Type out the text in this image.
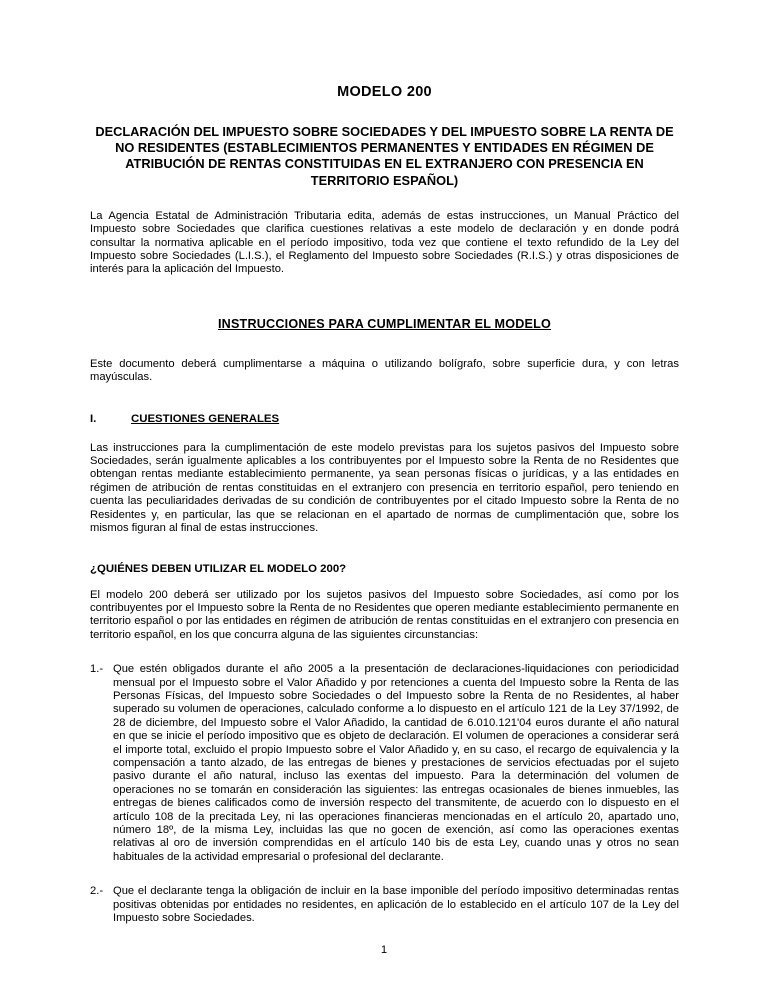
MODELO 200
DECLARACIÓN DEL IMPUESTO SOBRE SOCIEDADES Y DEL IMPUESTO SOBRE LA RENTA DE NO RESIDENTES (ESTABLECIMIENTOS PERMANENTES Y ENTIDADES EN RÉGIMEN DE ATRIBUCIÓN DE RENTAS CONSTITUIDAS EN EL EXTRANJERO CON PRESENCIA EN TERRITORIO ESPAÑOL)

La Agencia Estatal de Administración Tributaria edita, además de estas instrucciones, un Manual Práctico del Impuesto sobre Sociedades que clarifica cuestiones relativas a este modelo de declaración y en donde podrá consultar la normativa aplicable en el período impositivo, toda vez que contiene el texto refundido de la Ley del Impuesto sobre Sociedades (L.I.S.), el Reglamento del Impuesto sobre Sociedades (R.I.S.) y otras disposiciones de interés para la aplicación del Impuesto.

INSTRUCCIONES PARA CUMPLIMENTAR EL MODELO

Este documento deberá cumplimentarse a máquina o utilizando bolígrafo, sobre superficie dura, y con letras mayúsculas.

I.	CUESTIONES GENERALES

Las instrucciones para la cumplimentación de este modelo previstas para los sujetos pasivos del Impuesto sobre Sociedades, serán igualmente aplicables a los contribuyentes por el Impuesto sobre la Renta de no Residentes que obtengan rentas mediante establecimiento permanente, ya sean personas físicas o jurídicas, y a las entidades en régimen de atribución de rentas constituidas en el extranjero con presencia en territorio español, pero teniendo en cuenta las peculiaridades derivadas de su condición de contribuyentes por el citado Impuesto sobre la Renta de no Residentes y, en particular, las que se relacionan en el apartado de normas de cumplimentación que, sobre los mismos figuran al final de estas instrucciones.

¿QUIÉNES DEBEN UTILIZAR EL MODELO 200?

El modelo 200 deberá ser utilizado por los sujetos pasivos del Impuesto sobre Sociedades, así como por los contribuyentes por el Impuesto sobre la Renta de no Residentes que operen mediante establecimiento permanente en territorio español o por las entidades en régimen de atribución de rentas constituidas en el extranjero con presencia en territorio español, en los que concurra alguna de las siguientes circunstancias:

1.- Que estén obligados durante el año 2005 a la presentación de declaraciones-liquidaciones con periodicidad mensual por el Impuesto sobre el Valor Añadido y por retenciones a cuenta del Impuesto sobre la Renta de las Personas Físicas, del Impuesto sobre Sociedades o del Impuesto sobre la Renta de no Residentes, al haber superado su volumen de operaciones, calculado conforme a lo dispuesto en el artículo 121 de la Ley 37/1992, de 28 de diciembre, del Impuesto sobre el Valor Añadido, la cantidad de 6.010.121'04 euros durante el año natural en que se inicie el período impositivo que es objeto de declaración. El volumen de operaciones a considerar será el importe total, excluido el propio Impuesto sobre el Valor Añadido y, en su caso, el recargo de equivalencia y la compensación a tanto alzado, de las entregas de bienes y prestaciones de servicios efectuadas por el sujeto pasivo durante el año natural, incluso las exentas del impuesto. Para la determinación del volumen de operaciones no se tomarán en consideración las siguientes: las entregas ocasionales de bienes inmuebles, las entregas de bienes calificados como de inversión respecto del transmitente, de acuerdo con lo dispuesto en el artículo 108 de la precitada Ley, ni las operaciones financieras mencionadas en el artículo 20, apartado uno, número 18º, de la misma Ley, incluidas las que no gocen de exención, así como las operaciones exentas relativas al oro de inversión comprendidas en el artículo 140 bis de esta Ley, cuando unas y otros no sean habituales de la actividad empresarial o profesional del declarante.
2.- Que el declarante tenga la obligación de incluir en la base imponible del período impositivo determinadas rentas positivas obtenidas por entidades no residentes, en aplicación de lo establecido en el artículo 107 de la Ley del Impuesto sobre Sociedades.
1
